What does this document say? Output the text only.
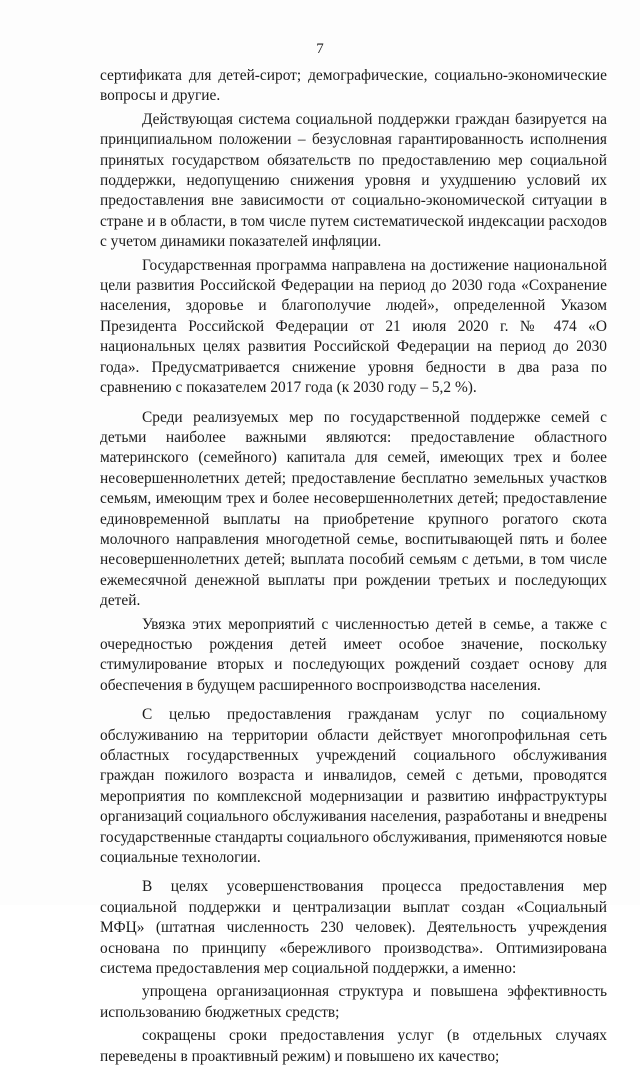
7

сертификата для детей-сирот; демографические, социально-экономические вопросы и другие.

Действующая система социальной поддержки граждан базируется на принципиальном положении – безусловная гарантированность исполнения принятых государством обязательств по предоставлению мер социальной поддержки, недопущению снижения уровня и ухудшению условий их предоставления вне зависимости от социально-экономической ситуации в стране и в области, в том числе путем систематической индексации расходов с учетом динамики показателей инфляции.

Государственная программа направлена на достижение национальной цели развития Российской Федерации на период до 2030 года «Сохранение населения, здоровье и благополучие людей», определенной Указом Президента Российской Федерации от 21 июля 2020 г. № 474 «О национальных целях развития Российской Федерации на период до 2030 года». Предусматривается снижение уровня бедности в два раза по сравнению с показателем 2017 года (к 2030 году – 5,2 %).

Среди реализуемых мер по государственной поддержке семей с детьми наиболее важными являются: предоставление областного материнского (семейного) капитала для семей, имеющих трех и более несовершеннолетних детей; предоставление бесплатно земельных участков семьям, имеющим трех и более несовершеннолетних детей; предоставление единовременной выплаты на приобретение крупного рогатого скота молочного направления многодетной семье, воспитывающей пять и более несовершеннолетних детей; выплата пособий семьям с детьми, в том числе ежемесячной денежной выплаты при рождении третьих и последующих детей.

Увязка этих мероприятий с численностью детей в семье, а также с очередностью рождения детей имеет особое значение, поскольку стимулирование вторых и последующих рождений создает основу для обеспечения в будущем расширенного воспроизводства населения.

С целью предоставления гражданам услуг по социальному обслуживанию на территории области действует многопрофильная сеть областных государственных учреждений социального обслуживания граждан пожилого возраста и инвалидов, семей с детьми, проводятся мероприятия по комплексной модернизации и развитию инфраструктуры организаций социального обслуживания населения, разработаны и внедрены государственные стандарты социального обслуживания, применяются новые социальные технологии.

В целях усовершенствования процесса предоставления мер социальной поддержки и централизации выплат создан «Социальный МФЦ» (штатная численность 230 человек). Деятельность учреждения основана по принципу «бережливого производства». Оптимизирована система предоставления мер социальной поддержки, а именно:

упрощена организационная структура и повышена эффективность использованию бюджетных средств;

сокращены сроки предоставления услуг (в отдельных случаях переведены в проактивный режим) и повышено их качество;
